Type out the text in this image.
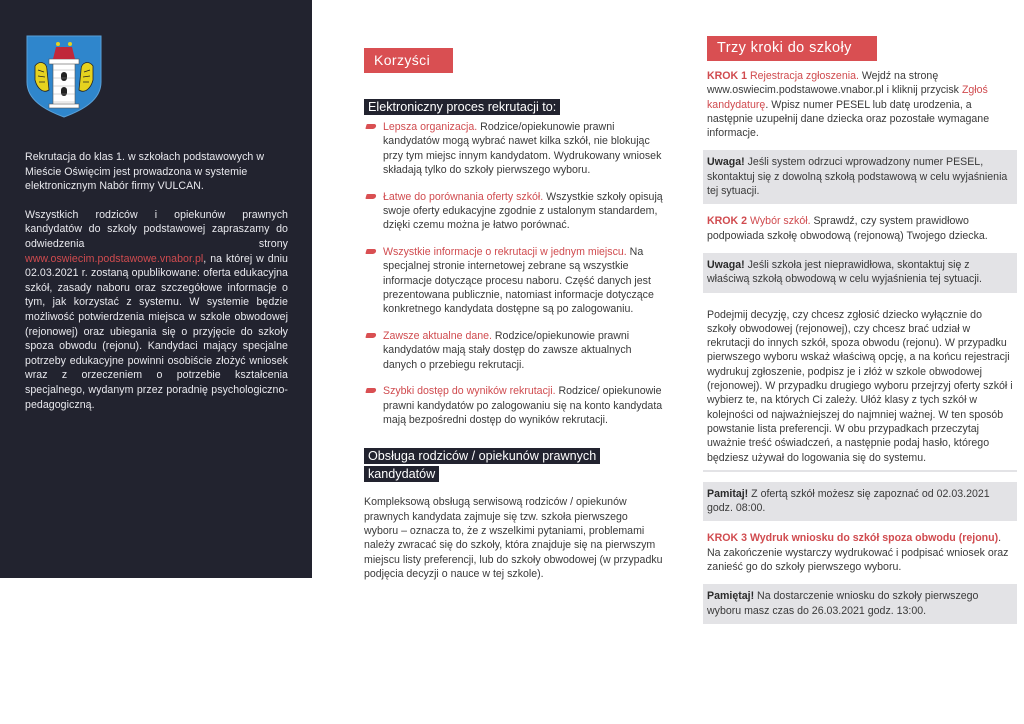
Rekrutacja do klas 1. w szkołach podstawowych w Mieście Oświęcim jest prowadzona w systemie elektronicznym Nabór firmy VULCAN.

Wszystkich rodziców i opiekunów prawnych kandydatów do szkoły podstawowej zapraszamy do odwiedzenia strony www.oswiecim.podstawowe.vnabor.pl, na której w dniu 02.03.2021 r. zostaną opublikowane: oferta edukacyjna szkół, zasady naboru oraz szczegółowe informacje o tym, jak korzystać z systemu. W systemie będzie możliwość potwierdzenia miejsca w szkole obwodowej (rejonowej) oraz ubiegania się o przyjęcie do szkoły spoza obwodu (rejonu). Kandydaci mający specjalne potrzeby edukacyjne powinni osobiście złożyć wniosek wraz z orzeczeniem o potrzebie kształcenia specjalnego, wydanym przez poradnię psychologiczno-pedagogiczną.

Korzyści
Elektroniczny proces rekrutacji to:
Lepsza organizacja. Rodzice/opiekunowie prawni kandydatów mogą wybrać nawet kilka szkół, nie blokując przy tym miejsc innym kandydatom. Wydrukowany wniosek składają tylko do szkoły pierwszego wyboru.
Łatwe do porównania oferty szkół. Wszystkie szkoły opisują swoje oferty edukacyjne zgodnie z ustalonym standardem, dzięki czemu można je łatwo porównać.
Wszystkie informacje o rekrutacji w jednym miejscu. Na specjalnej stronie internetowej zebrane są wszystkie informacje dotyczące procesu naboru. Część danych jest prezentowana publicznie, natomiast informacje dotyczące konkretnego kandydata dostępne są po zalogowaniu.
Zawsze aktualne dane. Rodzice/opiekunowie prawni kandydatów mają stały dostęp do zawsze aktualnych danych o przebiegu rekrutacji.
Szybki dostęp do wyników rekrutacji. Rodzice/ opiekunowie prawni kandydatów po zalogowaniu się na konto kandydata mają bezpośredni dostęp do wyników rekrutacji.
Obsługa rodziców / opiekunów prawnych kandydatów

Kompleksową obsługą serwisową rodziców / opiekunów prawnych kandydata zajmuje się tzw. szkoła pierwszego wyboru – oznacza to, że z wszelkimi pytaniami, problemami należy zwracać się do szkoły, która znajduje się na pierwszym miejscu listy preferencji, lub do szkoły obwodowej (w przypadku podjęcia decyzji o nauce w tej szkole).

Trzy kroki do szkoły

KROK 1 Rejestracja zgłoszenia. Wejdź na stronę www.oswiecim.podstawowe.vnabor.pl i kliknij przycisk Zgłoś kandydaturę. Wpisz numer PESEL lub datę urodzenia, a następnie uzupełnij dane dziecka oraz pozostałe wymagane informacje.

Uwaga! Jeśli system odrzuci wprowadzony numer PESEL, skontaktuj się z dowolną szkołą podstawową w celu wyjaśnienia tej sytuacji.

KROK 2 Wybór szkół. Sprawdź, czy system prawidłowo podpowiada szkołę obwodową (rejonową) Twojego dziecka.

Uwaga! Jeśli szkoła jest nieprawidłowa, skontaktuj się z właściwą szkołą obwodową w celu wyjaśnienia tej sytuacji.
Podejmij decyzję, czy chcesz zgłosić dziecko wyłącznie do szkoły obwodowej (rejonowej), czy chcesz brać udział w rekrutacji do innych szkół, spoza obwodu (rejonu). W przypadku pierwszego wyboru wskaż właściwą opcję, a na końcu rejestracji wydrukuj zgłoszenie, podpisz je i złóż w szkole obwodowej (rejonowej). W przypadku drugiego wyboru przejrzyj oferty szkół i wybierz te, na których Ci zależy. Ułóż klasy z tych szkół w kolejności od najważniejszej do najmniej ważnej. W ten sposób powstanie lista preferencji. W obu przypadkach przeczytaj uważnie treść oświadczeń, a następnie podaj hasło, którego będziesz używał do logowania się do systemu.
Pamitaj! Z ofertą szkół możesz się zapoznać od 02.03.2021 godz. 08:00.

KROK 3 Wydruk wniosku do szkół spoza obwodu (rejonu). Na zakończenie wystarczy wydrukować i podpisać wniosek oraz zanieść go do szkoły pierwszego wyboru.

Pamiętaj! Na dostarczenie wniosku do szkoły pierwszego wyboru masz czas do 26.03.2021 godz. 13:00.
